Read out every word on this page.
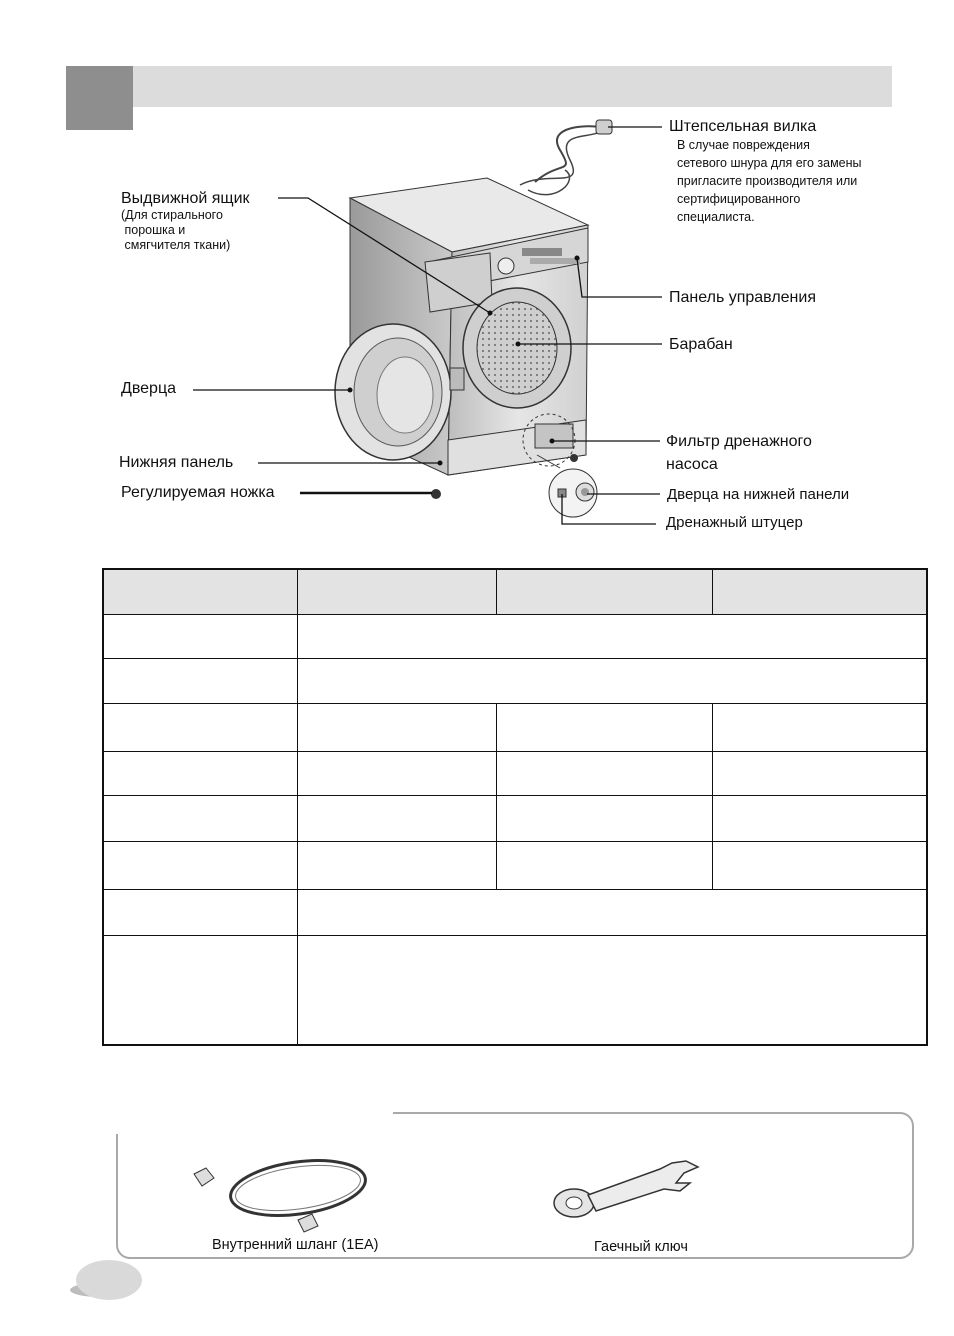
Штепсельная вилка
В случае повреждения
сетевого шнура для его замены
пригласите производителя или
сертифицированного
специалиста.
Выдвижной ящик
(Для стирального
порошка и
смягчителя ткани)
Панель управления
Барабан
Дверца
Фильтр дренажного
насоса
Нижняя панель
Регулируемая ножка	Дверца на нижней панели
Дренажный штуцер

Внутренний шланг (1EA)	Гаечный ключ
